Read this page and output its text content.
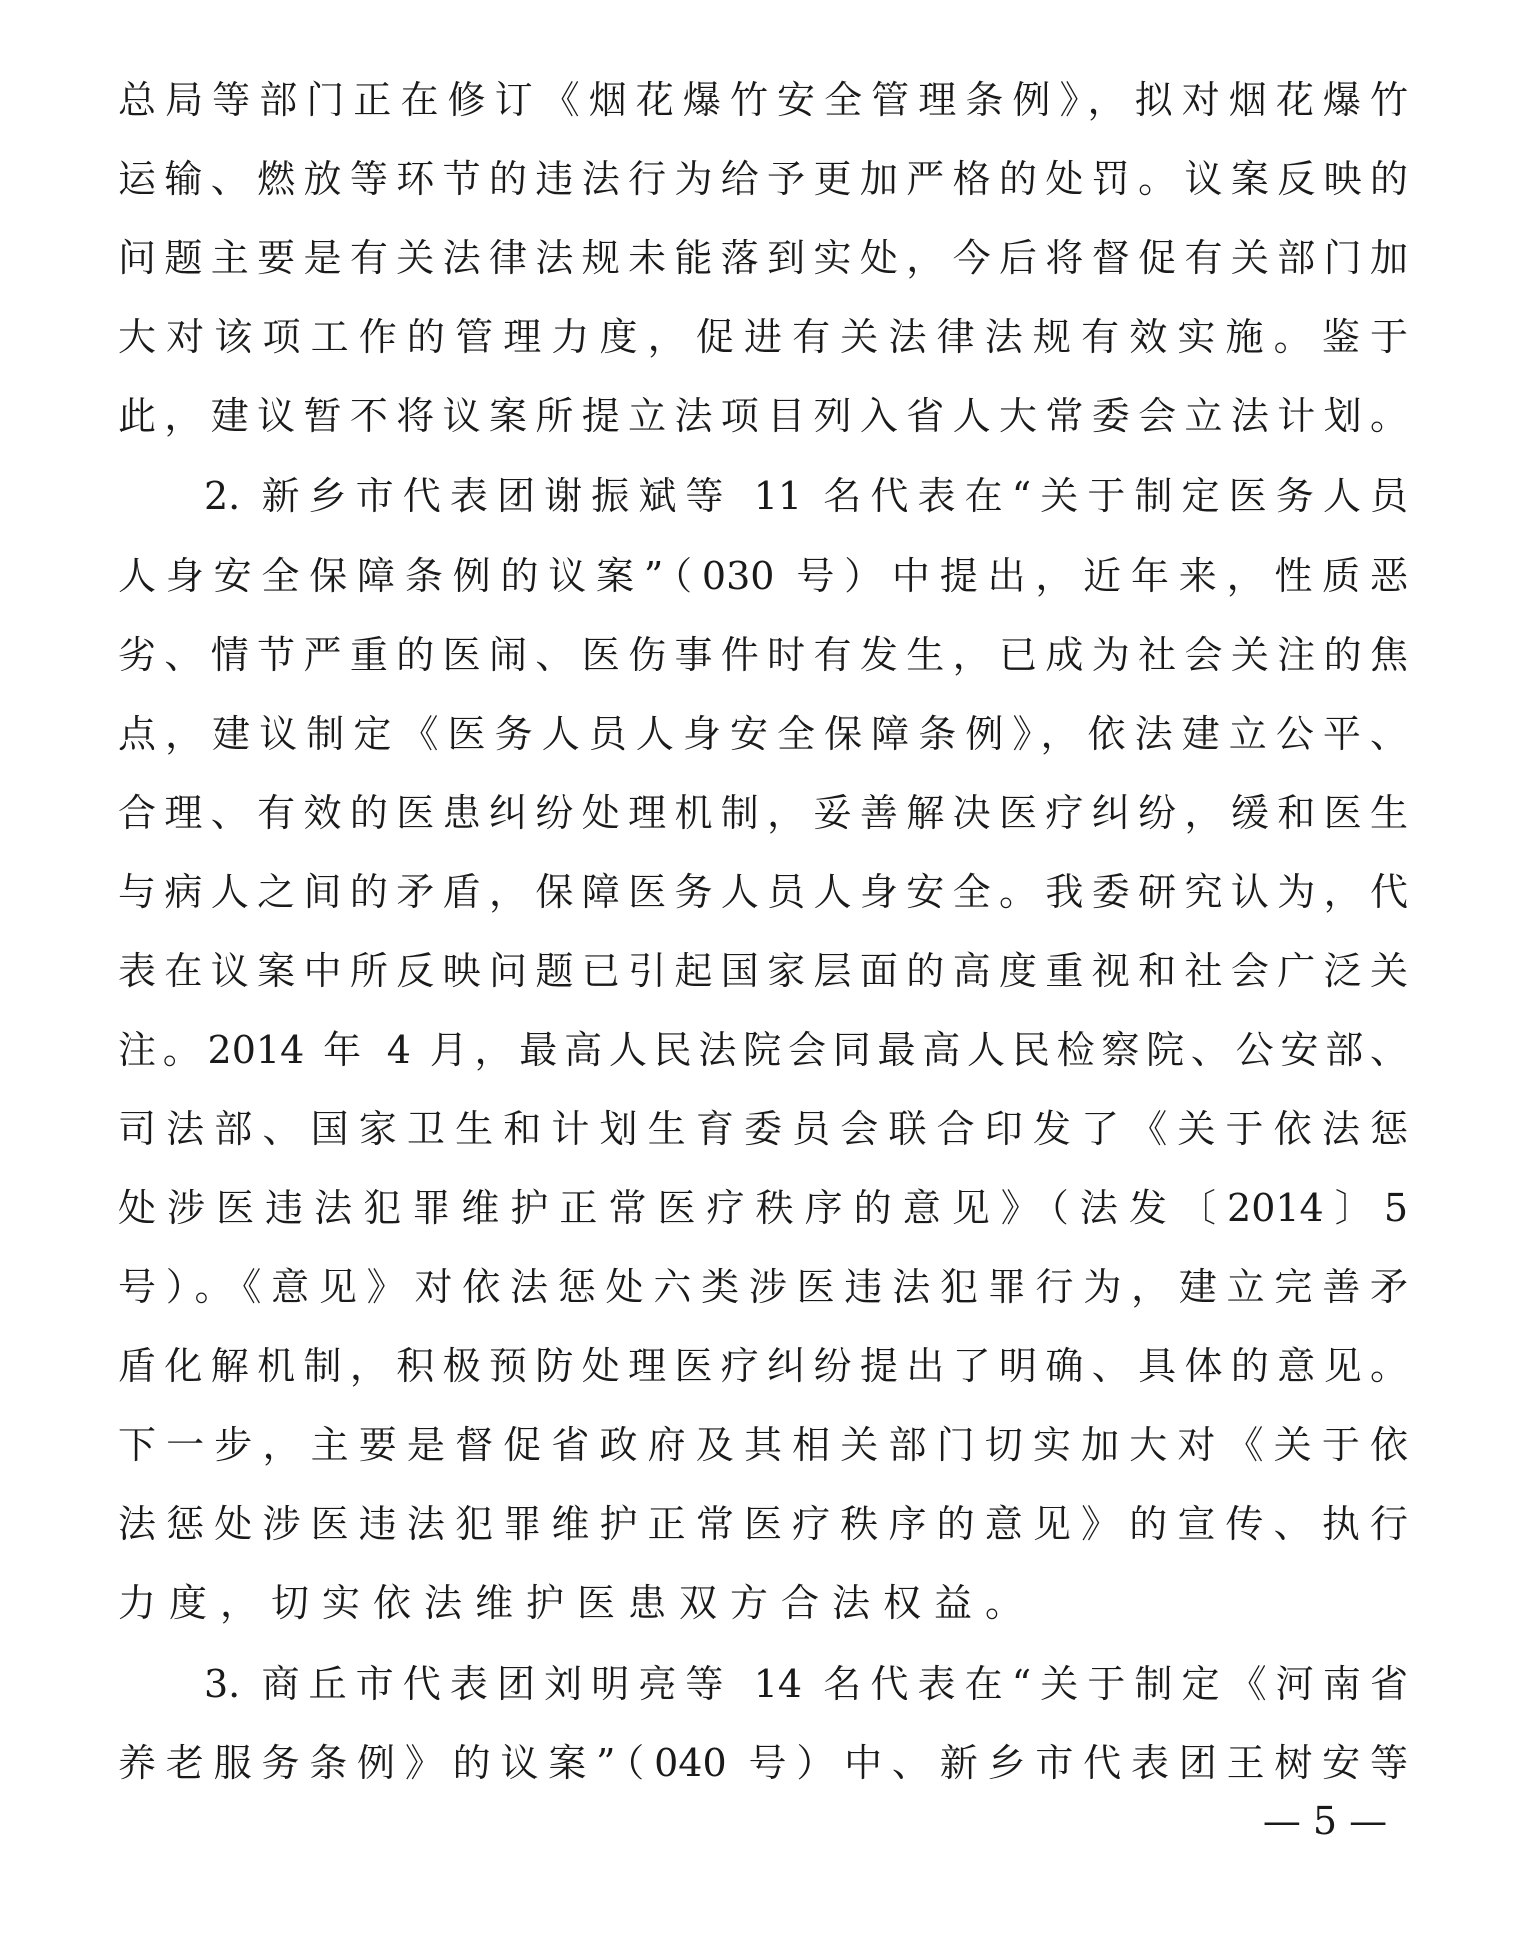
总局等部门正在修订《烟花爆竹安全管理条例》，拟对烟花爆竹
运输、燃放等环节的违法行为给予更加严格的处罚。议案反映的
问题主要是有关法律法规未能落到实处，今后将督促有关部门加
大对该项工作的管理力度，促进有关法律法规有效实施。鉴于
此，建议暂不将议案所提立法项目列入省人大常委会立法计划。
2. 新乡市代表团谢振斌等 11 名代表在“关于制定医务人员
人身安全保障条例的议案”（030 号）中提出，近年来，性质恶
劣、情节严重的医闹、医伤事件时有发生，已成为社会关注的焦
点，建议制定《医务人员人身安全保障条例》，依法建立公平、
合理、有效的医患纠纷处理机制，妥善解决医疗纠纷，缓和医生
与病人之间的矛盾，保障医务人员人身安全。我委研究认为，代
表在议案中所反映问题已引起国家层面的高度重视和社会广泛关
注。2014 年 4 月，最高人民法院会同最高人民检察院、公安部、
司法部、国家卫生和计划生育委员会联合印发了《关于依法惩
处涉医违法犯罪维护正常医疗秩序的意见》（法发〔2014〕5
号）。《意见》对依法惩处六类涉医违法犯罪行为，建立完善矛
盾化解机制，积极预防处理医疗纠纷提出了明确、具体的意见。
下一步，主要是督促省政府及其相关部门切实加大对《关于依
法惩处涉医违法犯罪维护正常医疗秩序的意见》的宣传、执行
力度，切实依法维护医患双方合法权益。
3. 商丘市代表团刘明亮等 14 名代表在“关于制定《河南省
养老服务条例》的议案”（040 号）中、新乡市代表团王树安等
— 5 —
